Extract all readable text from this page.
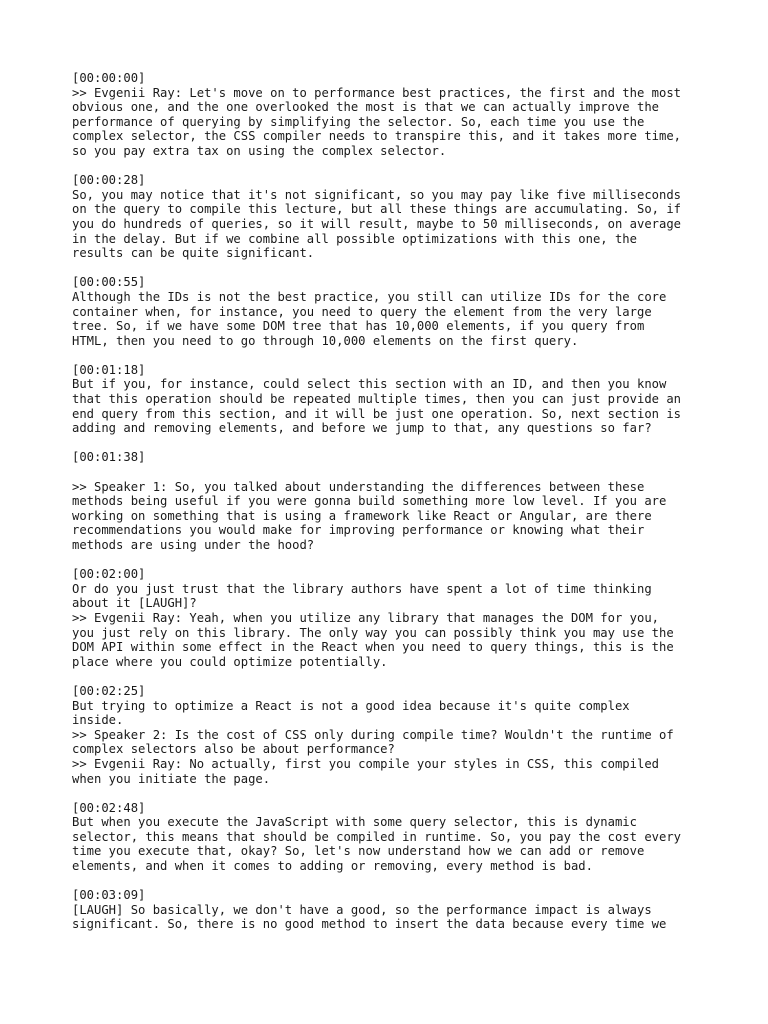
[00:00:00]
>> Evgenii Ray: Let's move on to performance best practices, the first and the most
obvious one, and the one overlooked the most is that we can actually improve the
performance of querying by simplifying the selector. So, each time you use the
complex selector, the CSS compiler needs to transpire this, and it takes more time,
so you pay extra tax on using the complex selector.
[00:00:28]
So, you may notice that it's not significant, so you may pay like five milliseconds
on the query to compile this lecture, but all these things are accumulating. So, if
you do hundreds of queries, so it will result, maybe to 50 milliseconds, on average
in the delay. But if we combine all possible optimizations with this one, the
results can be quite significant.
[00:00:55]
Although the IDs is not the best practice, you still can utilize IDs for the core
container when, for instance, you need to query the element from the very large
tree. So, if we have some DOM tree that has 10,000 elements, if you query from
HTML, then you need to go through 10,000 elements on the first query.
[00:01:18]
But if you, for instance, could select this section with an ID, and then you know
that this operation should be repeated multiple times, then you can just provide an
end query from this section, and it will be just one operation. So, next section is
adding and removing elements, and before we jump to that, any questions so far?
[00:01:38]
>> Speaker 1: So, you talked about understanding the differences between these
methods being useful if you were gonna build something more low level. If you are
working on something that is using a framework like React or Angular, are there
recommendations you would make for improving performance or knowing what their
methods are using under the hood?
[00:02:00]
Or do you just trust that the library authors have spent a lot of time thinking
about it [LAUGH]?
>> Evgenii Ray: Yeah, when you utilize any library that manages the DOM for you,
you just rely on this library. The only way you can possibly think you may use the
DOM API within some effect in the React when you need to query things, this is the
place where you could optimize potentially.
[00:02:25]
But trying to optimize a React is not a good idea because it's quite complex
inside.
>> Speaker 2: Is the cost of CSS only during compile time? Wouldn't the runtime of
complex selectors also be about performance?
>> Evgenii Ray: No actually, first you compile your styles in CSS, this compiled
when you initiate the page.
[00:02:48]
But when you execute the JavaScript with some query selector, this is dynamic
selector, this means that should be compiled in runtime. So, you pay the cost every
time you execute that, okay? So, let's now understand how we can add or remove
elements, and when it comes to adding or removing, every method is bad.
[00:03:09]
[LAUGH] So basically, we don't have a good, so the performance impact is always
significant. So, there is no good method to insert the data because every time we
